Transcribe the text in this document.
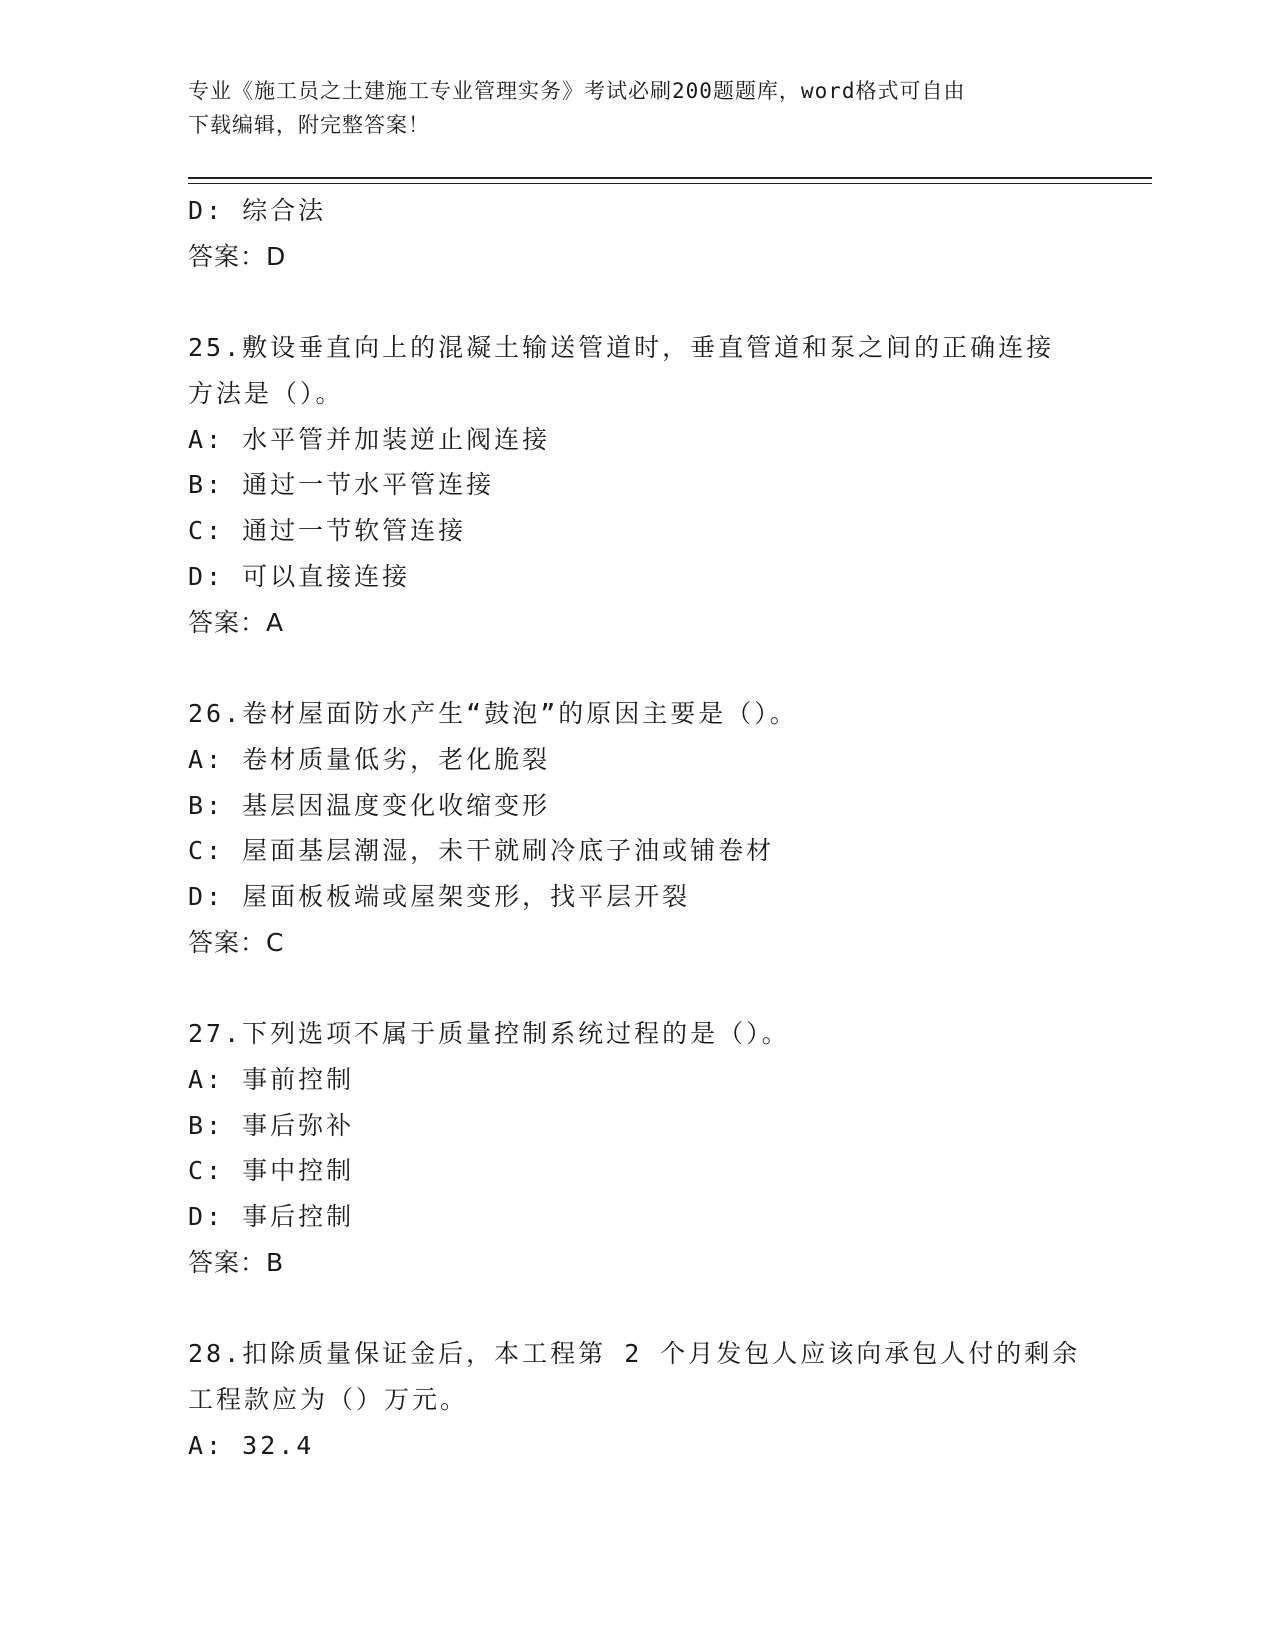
专业《施工员之土建施工专业管理实务》考试必刷200题题库，word格式可自由
下载编辑，附完整答案！
D: 综合法
答案：D
25.敷设垂直向上的混凝土输送管道时，垂直管道和泵之间的正确连接
方法是（）。
A: 水平管并加装逆止阀连接
B: 通过一节水平管连接
C: 通过一节软管连接
D: 可以直接连接
答案：A
26.卷材屋面防水产生“鼓泡”的原因主要是（）。
A: 卷材质量低劣，老化脆裂
B: 基层因温度变化收缩变形
C: 屋面基层潮湿，未干就刷冷底子油或铺卷材
D: 屋面板板端或屋架变形，找平层开裂
答案：C
27.下列选项不属于质量控制系统过程的是（）。
A: 事前控制
B: 事后弥补
C: 事中控制
D: 事后控制
答案：B
28.扣除质量保证金后，本工程第 2 个月发包人应该向承包人付的剩余
工程款应为（）万元。
A: 32.4
